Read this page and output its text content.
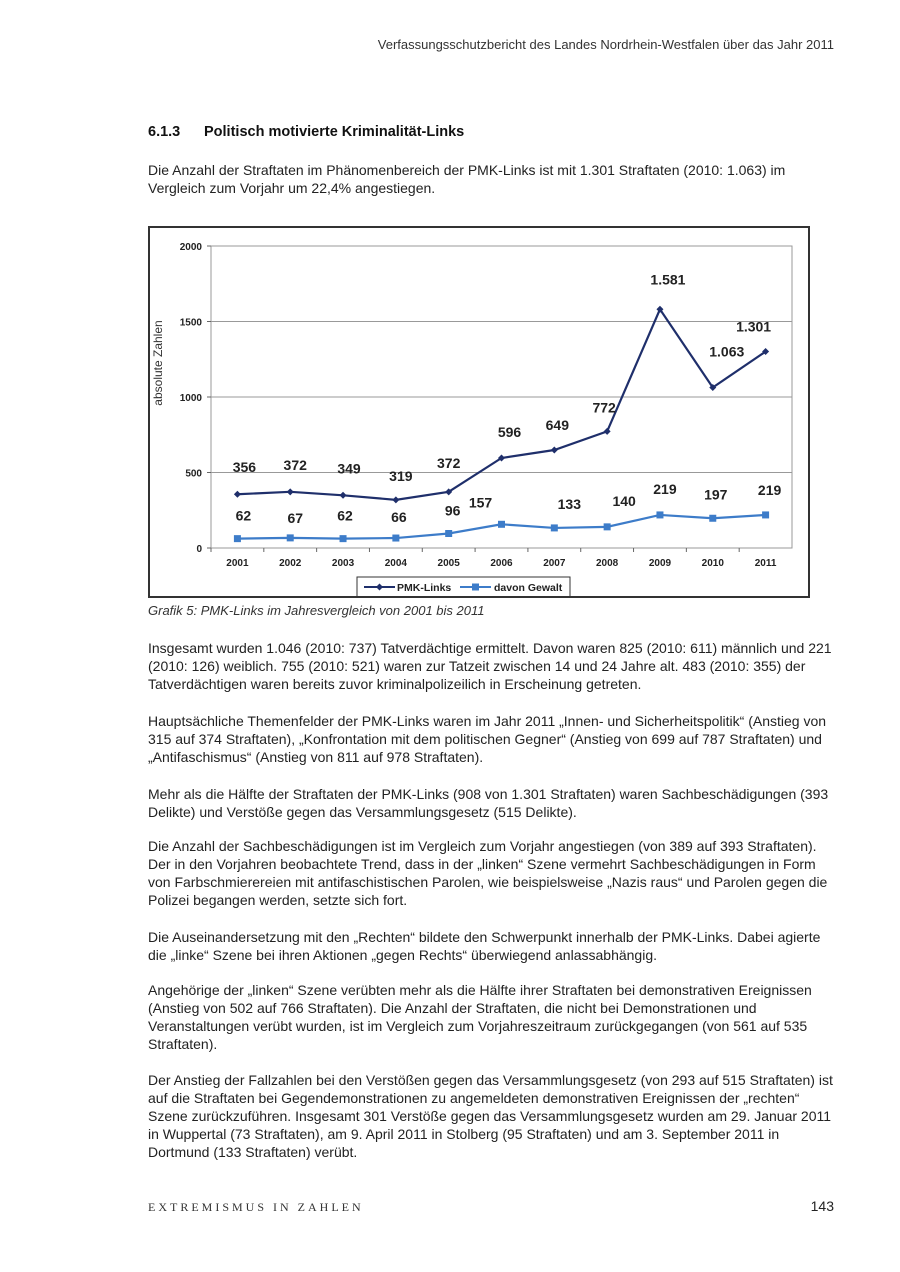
Verfassungsschutzbericht des Landes Nordrhein-Westfalen über das Jahr 2011
6.1.3 Politisch motivierte Kriminalität-Links

Die Anzahl der Straftaten im Phänomenbereich der PMK-Links ist mit 1.301 Straftaten (2010: 1.063) im Vergleich zum Vorjahr um 22,4% angestiegen.

absolute Zahlen
0
500
1000
1500
2000
2001	2002	2003	2004	2005	2006	2007	2008	2009	2010	2011
356 372 349 319
372
596 649
772
1.581
1.063
1.301
62	67 62	66	96
157	133 140
219 197 219
PMK-Links	davon Gewalt
Grafik 5: PMK-Links im Jahresvergleich von 2001 bis 2011

Insgesamt wurden 1.046 (2010: 737) Tatverdächtige ermittelt. Davon waren 825 (2010: 611) männlich und 221 (2010: 126) weiblich. 755 (2010: 521) waren zur Tatzeit zwischen 14 und 24 Jahre alt. 483 (2010: 355) der Tatverdächtigen waren bereits zuvor kriminalpolizeilich in Erscheinung getreten.

Hauptsächliche Themenfelder der PMK-Links waren im Jahr 2011 „Innen- und Sicherheitspolitik“ (Anstieg von 315 auf 374 Straftaten), „Konfrontation mit dem politischen Gegner“ (Anstieg von 699 auf 787 Straftaten) und „Antifaschismus“ (Anstieg von 811 auf 978 Straftaten).

Mehr als die Hälfte der Straftaten der PMK-Links (908 von 1.301 Straftaten) waren Sachbeschädigungen (393 Delikte) und Verstöße gegen das Versammlungsgesetz (515 Delikte).

Die Anzahl der Sachbeschädigungen ist im Vergleich zum Vorjahr angestiegen (von 389 auf 393 Straftaten). Der in den Vorjahren beobachtete Trend, dass in der „linken“ Szene vermehrt Sachbeschädigungen in Form von Farbschmierereien mit antifaschistischen Parolen, wie beispielsweise „Nazis raus“ und Parolen gegen die Polizei begangen werden, setzte sich fort.

Die Auseinandersetzung mit den „Rechten“ bildete den Schwerpunkt innerhalb der PMK-Links. Dabei agierte die „linke“ Szene bei ihren Aktionen „gegen Rechts“ überwiegend anlassabhängig.

Angehörige der „linken“ Szene verübten mehr als die Hälfte ihrer Straftaten bei demonstrativen Ereignissen (Anstieg von 502 auf 766 Straftaten). Die Anzahl der Straftaten, die nicht bei Demonstrationen und Veranstaltungen verübt wurden, ist im Vergleich zum Vorjahreszeitraum zurückgegangen (von 561 auf 535 Straftaten).

Der Anstieg der Fallzahlen bei den Verstößen gegen das Versammlungsgesetz (von 293 auf 515 Straftaten) ist auf die Straftaten bei Gegendemonstrationen zu angemeldeten demonstrativen Ereignissen der „rechten“ Szene zurückzuführen. Insgesamt 301 Verstöße gegen das Versammlungsgesetz wurden am 29. Januar 2011 in Wuppertal (73 Straftaten), am 9. April 2011 in Stolberg (95 Straftaten) und am 3. September 2011 in Dortmund (133 Straftaten) verübt.

EXTREMISMUS IN ZAHLEN	143
